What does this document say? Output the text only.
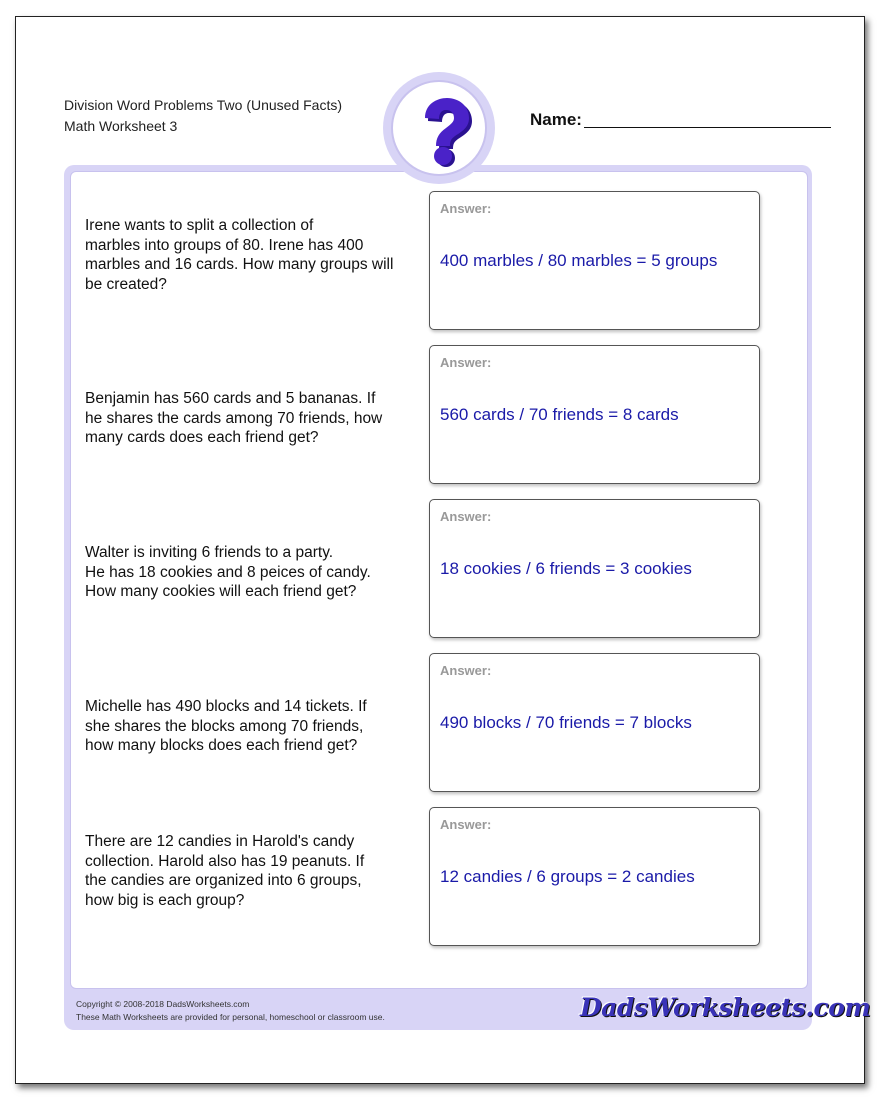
Division Word Problems Two (Unused Facts)
Math Worksheet 3	Name:
Irene wants to split a collection of
marbles into groups of 80. Irene has 400
marbles and 16 cards. How many groups will
be created?
Answer:
400 marbles / 80 marbles = 5 groups
Benjamin has 560 cards and 5 bananas. If
he shares the cards among 70 friends, how
many cards does each friend get?
Answer:
560 cards / 70 friends = 8 cards
Walter is inviting 6 friends to a party.
He has 18 cookies and 8 peices of candy.
How many cookies will each friend get?
Answer:
18 cookies / 6 friends = 3 cookies
Michelle has 490 blocks and 14 tickets. If
she shares the blocks among 70 friends,
how many blocks does each friend get?
Answer:
490 blocks / 70 friends = 7 blocks
There are 12 candies in Harold's candy
collection. Harold also has 19 peanuts. If
the candies are organized into 6 groups,
how big is each group?
Answer:
12 candies / 6 groups = 2 candies
Copyright © 2008-2018 DadsWorksheets.com
These Math Worksheets are provided for personal, homeschool or classroom use.	DadsWorksheets.com
